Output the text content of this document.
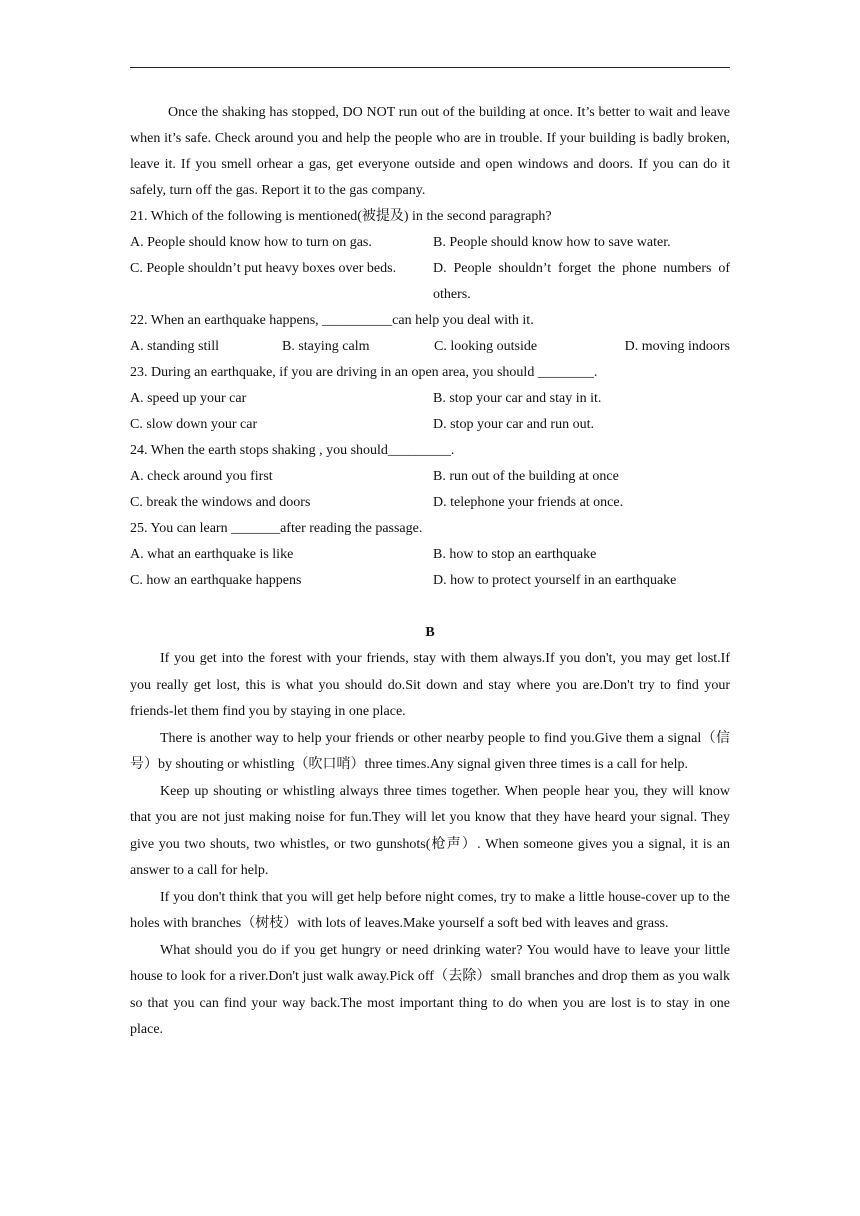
Once the shaking has stopped, DO NOT run out of the building at once. It’s better to wait and leave when it’s safe. Check around you and help the people who are in trouble. If your building is badly broken, leave it. If you smell orhear a gas, get everyone outside and open windows and doors. If you can do it safely, turn off the gas. Report it to the gas company.

21. Which of the following is mentioned(被提及) in the second paragraph?

A. People should know how to turn on gas.	B. People should know how to save water.
C. People shouldn’t put heavy boxes over beds.	D. People shouldn’t forget the phone numbers of others.

22. When an earthquake happens, __________can help you deal with it.

A. standing still	B. staying calm	C. looking outside	D. moving indoors

23. During an earthquake, if you are driving in an open area, you should ________.

A. speed up your car	B. stop your car and stay in it.
C. slow down your car	D. stop your car and run out.

24. When the earth stops shaking , you should_________.

A. check around you first	B. run out of the building at once
C. break the windows and doors	D. telephone your friends at once.

25. You can learn _______after reading the passage.

A. what an earthquake is like	B. how to stop an earthquake
C. how an earthquake happens	D. how to protect yourself in an earthquake
B

If you get into the forest with your friends, stay with them always.If you don't, you may get lost.If you really get lost, this is what you should do.Sit down and stay where you are.Don't try to find your friends-let them find you by staying in one place.

There is another way to help your friends or other nearby people to find you.Give them a signal（信号）by shouting or whistling（吹口哨）three times.Any signal given three times is a call for help.

Keep up shouting or whistling always three times together. When people hear you, they will know that you are not just making noise for fun.They will let you know that they have heard your signal. They give you two shouts, two whistles, or two gunshots(枪声）. When someone gives you a signal, it is an answer to a call for help.

If you don't think that you will get help before night comes, try to make a little house-cover up to the holes with branches（树枝）with lots of leaves.Make yourself a soft bed with leaves and grass.

What should you do if you get hungry or need drinking water? You would have to leave your little house to look for a river.Don't just walk away.Pick off（去除）small branches and drop them as you walk so that you can find your way back.The most important thing to do when you are lost is to stay in one place.
